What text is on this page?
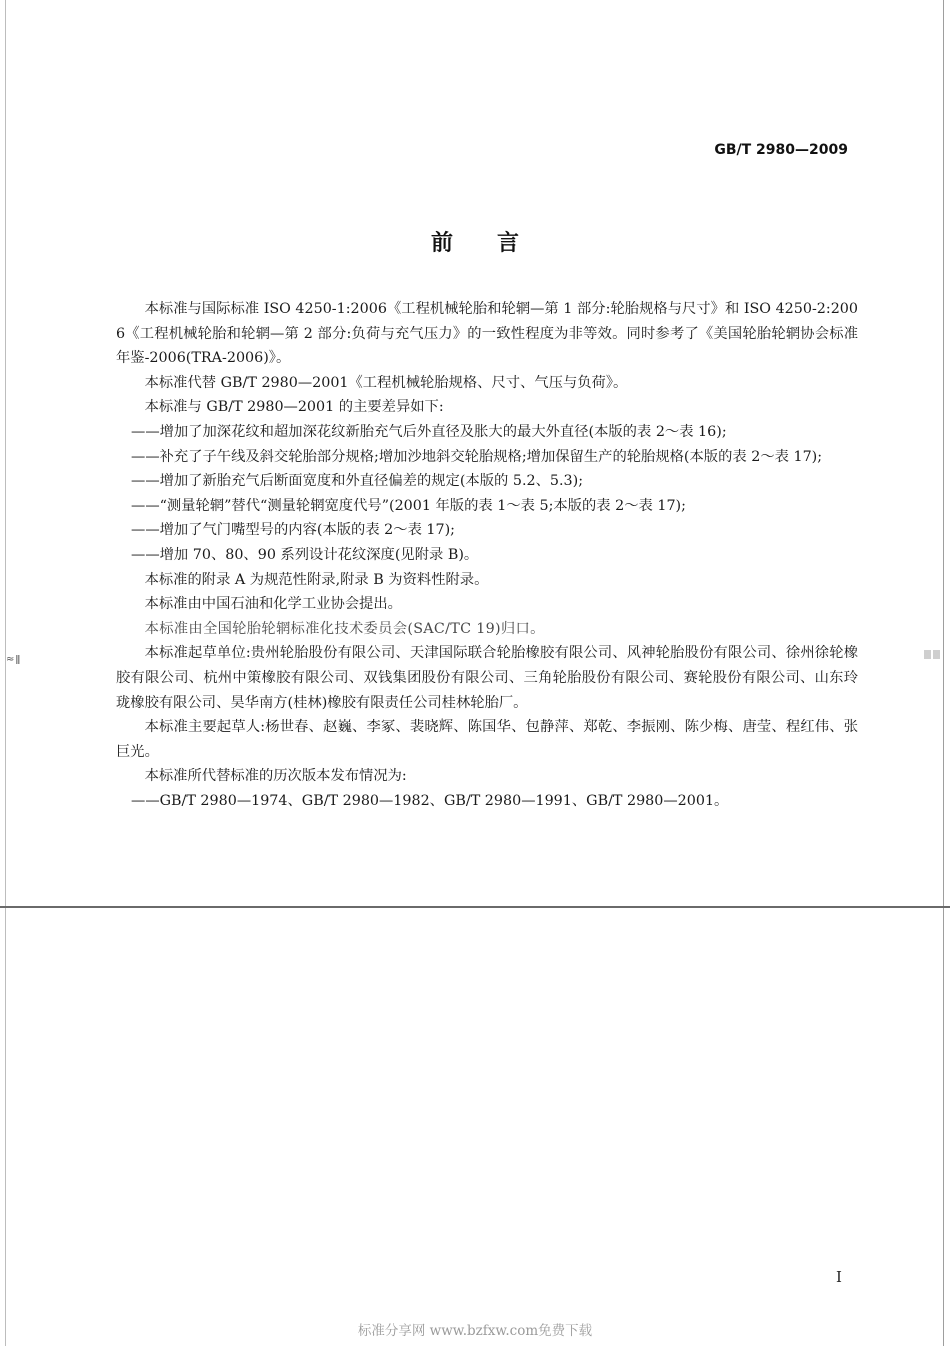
≈ǁ
GB/T 2980—2009
前言

本标准与国际标准 ISO 4250-1:2006《工程机械轮胎和轮辋—第 1 部分:轮胎规格与尺寸》和 ISO 4250-2:2006《工程机械轮胎和轮辋—第 2 部分:负荷与充气压力》的一致性程度为非等效。同时参考了《美国轮胎轮辋协会标准年鉴-2006(TRA-2006)》。

本标准代替 GB/T 2980—2001《工程机械轮胎规格、尺寸、气压与负荷》。

本标准与 GB/T 2980—2001 的主要差异如下:

——增加了加深花纹和超加深花纹新胎充气后外直径及胀大的最大外直径(本版的表 2～表 16);

——补充了子午线及斜交轮胎部分规格;增加沙地斜交轮胎规格;增加保留生产的轮胎规格(本版的表 2～表 17);

——增加了新胎充气后断面宽度和外直径偏差的规定(本版的 5.2、5.3);

——“测量轮辋”替代“测量轮辋宽度代号”(2001 年版的表 1～表 5;本版的表 2～表 17);

——增加了气门嘴型号的内容(本版的表 2～表 17);

——增加 70、80、90 系列设计花纹深度(见附录 B)。

本标准的附录 A 为规范性附录,附录 B 为资料性附录。

本标准由中国石油和化学工业协会提出。

本标准由全国轮胎轮辋标准化技术委员会(SAC/TC 19)归口。

本标准起草单位:贵州轮胎股份有限公司、天津国际联合轮胎橡胶有限公司、风神轮胎股份有限公司、徐州徐轮橡胶有限公司、杭州中策橡胶有限公司、双钱集团股份有限公司、三角轮胎股份有限公司、赛轮股份有限公司、山东玲珑橡胶有限公司、昊华南方(桂林)橡胶有限责任公司桂林轮胎厂。

本标准主要起草人:杨世春、赵巍、李冢、裴晓辉、陈国华、包静萍、郑乾、李振刚、陈少梅、唐莹、程红伟、张巨光。

本标准所代替标准的历次版本发布情况为:

——GB/T 2980—1974、GB/T 2980—1982、GB/T 2980—1991、GB/T 2980—2001。

I
标准分享网 www.bzfxw.com免费下载
